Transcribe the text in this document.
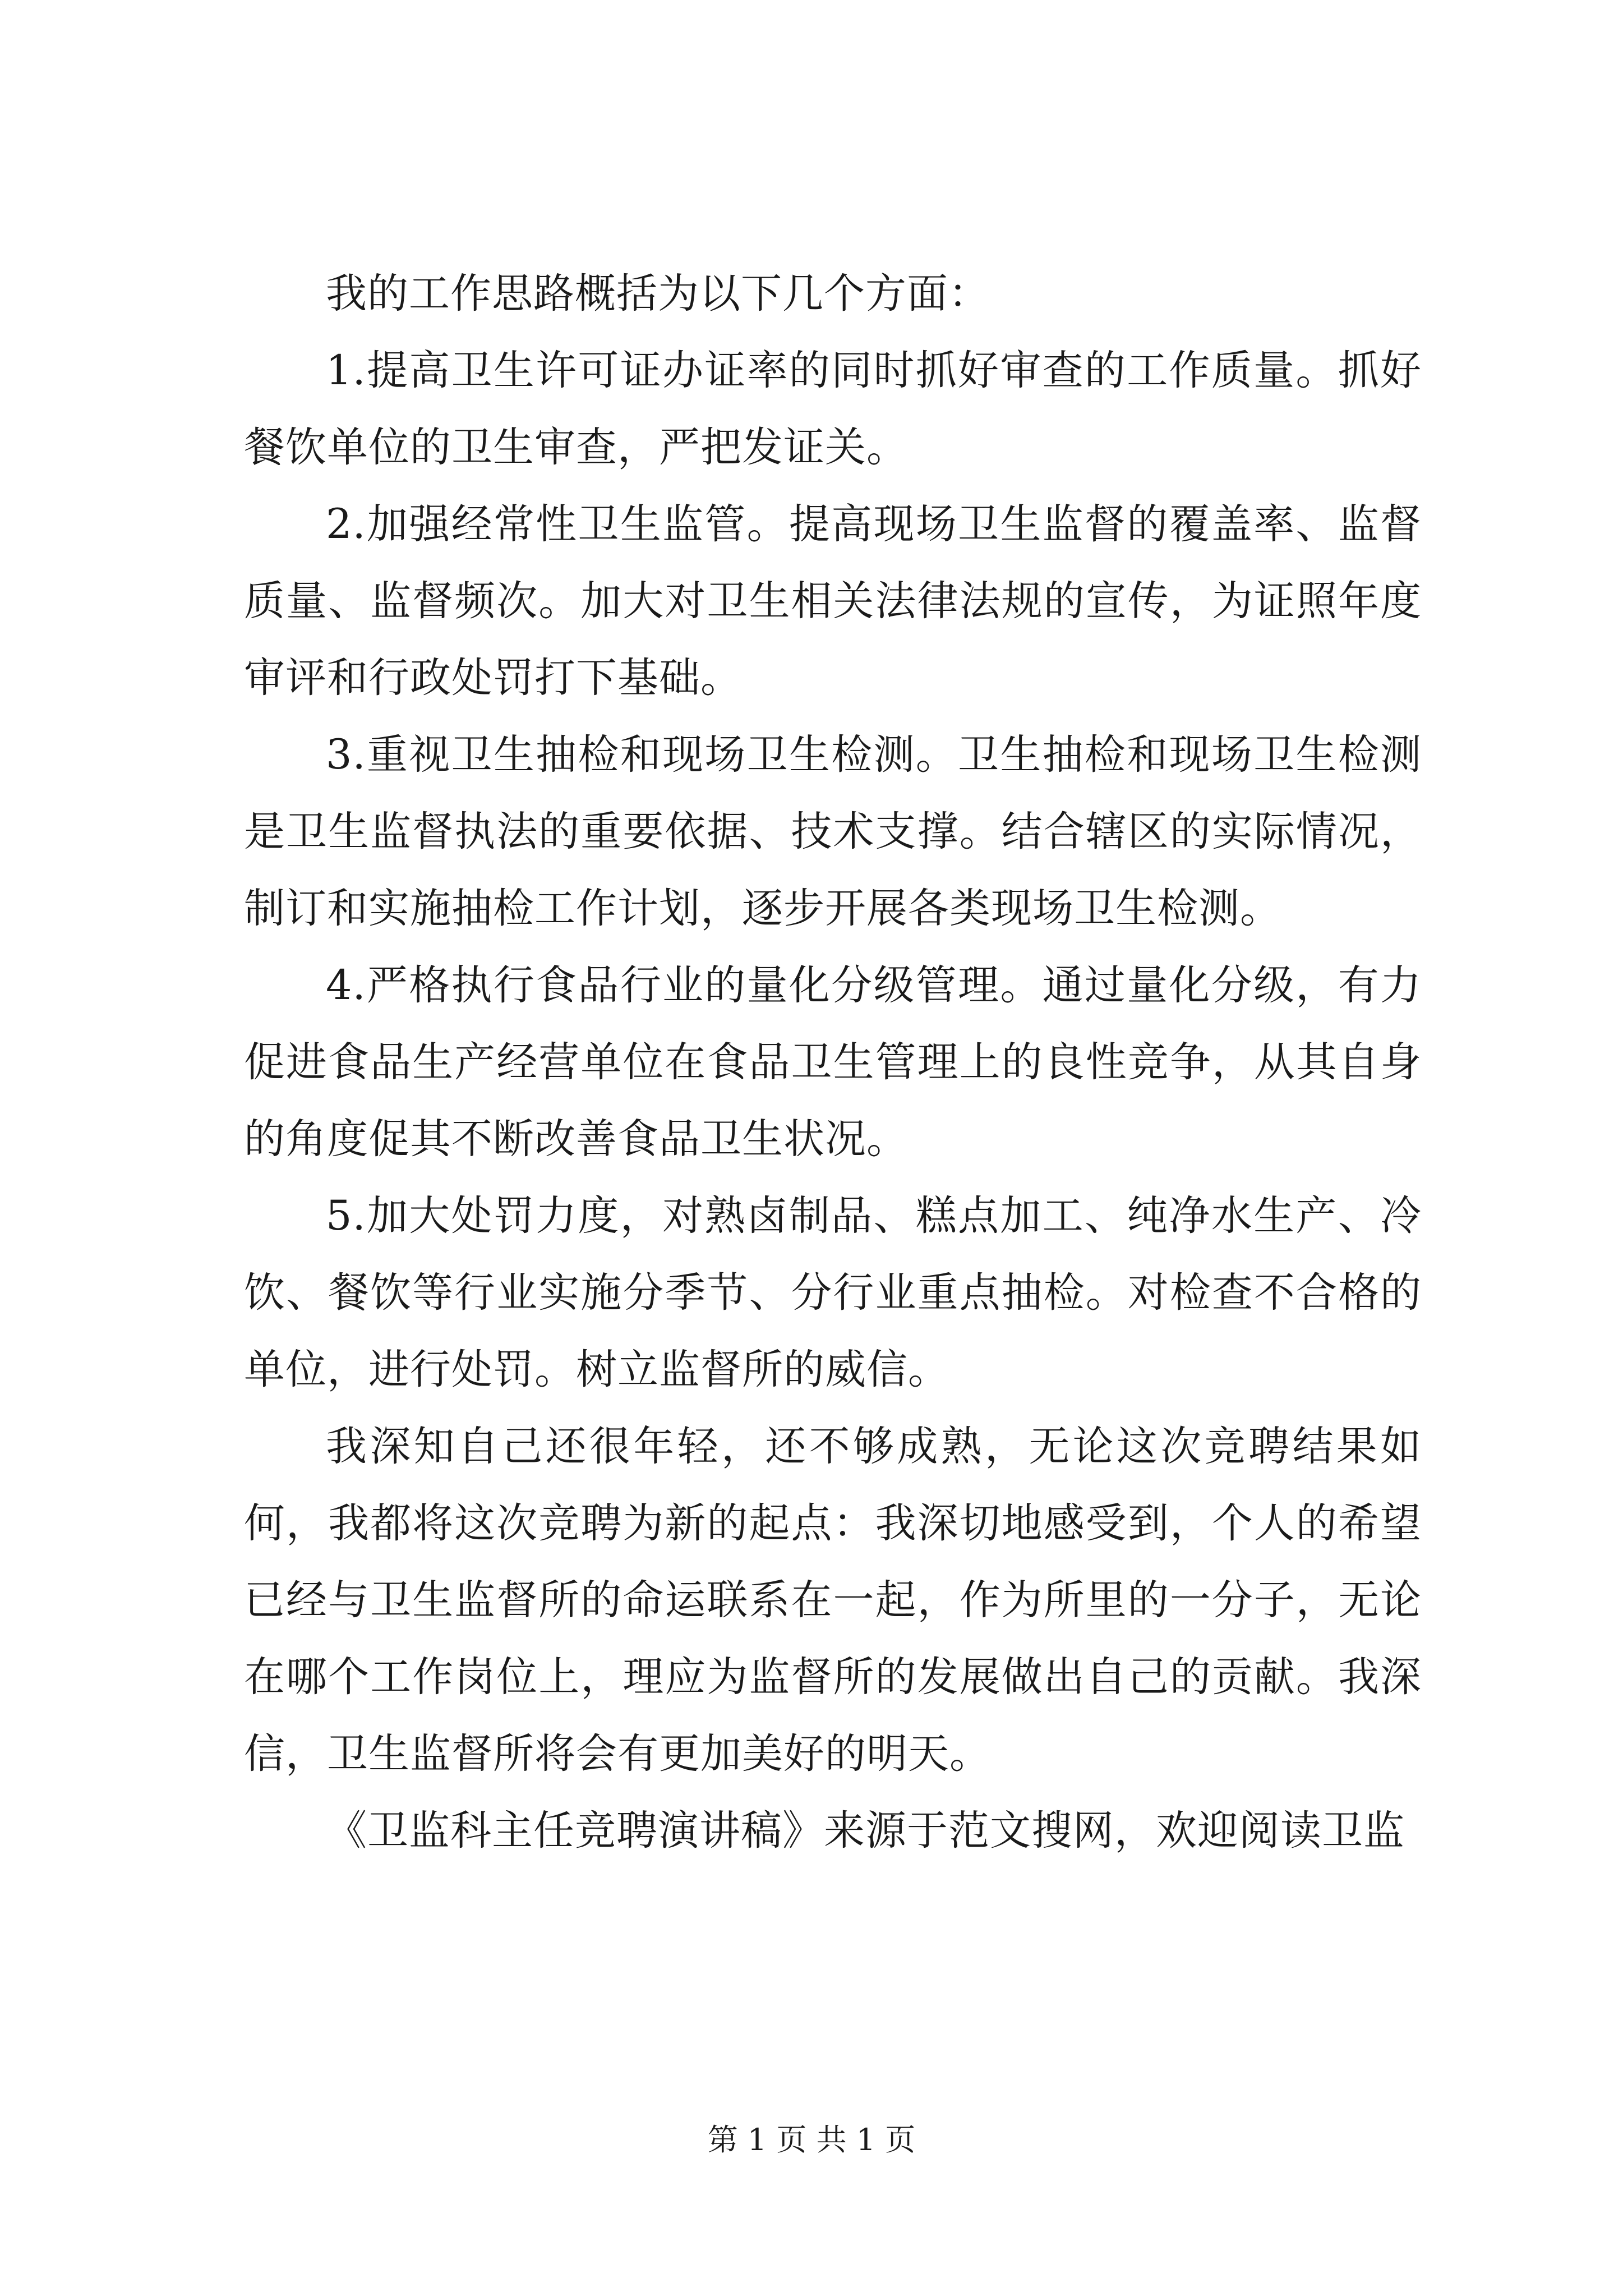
我的工作思路概括为以下几个方面：

1.提高卫生许可证办证率的同时抓好审查的工作质量。抓好餐饮单位的卫生审查，严把发证关。

2.加强经常性卫生监管。提高现场卫生监督的覆盖率、监督质量、监督频次。加大对卫生相关法律法规的宣传，为证照年度审评和行政处罚打下基础。

3.重视卫生抽检和现场卫生检测。卫生抽检和现场卫生检测是卫生监督执法的重要依据、技术支撑。结合辖区的实际情况，制订和实施抽检工作计划，逐步开展各类现场卫生检测。

4.严格执行食品行业的量化分级管理。通过量化分级，有力促进食品生产经营单位在食品卫生管理上的良性竞争，从其自身的角度促其不断改善食品卫生状况。

5.加大处罚力度，对熟卤制品、糕点加工、纯净水生产、冷饮、餐饮等行业实施分季节、分行业重点抽检。对检查不合格的单位，进行处罚。树立监督所的威信。

我深知自己还很年轻，还不够成熟，无论这次竞聘结果如何，我都将这次竞聘为新的起点：我深切地感受到，个人的希望已经与卫生监督所的命运联系在一起，作为所里的一分子，无论在哪个工作岗位上，理应为监督所的发展做出自己的贡献。我深信，卫生监督所将会有更加美好的明天。

《卫监科主任竞聘演讲稿》来源于范文搜网，欢迎阅读卫监

第 1 页 共 1 页
